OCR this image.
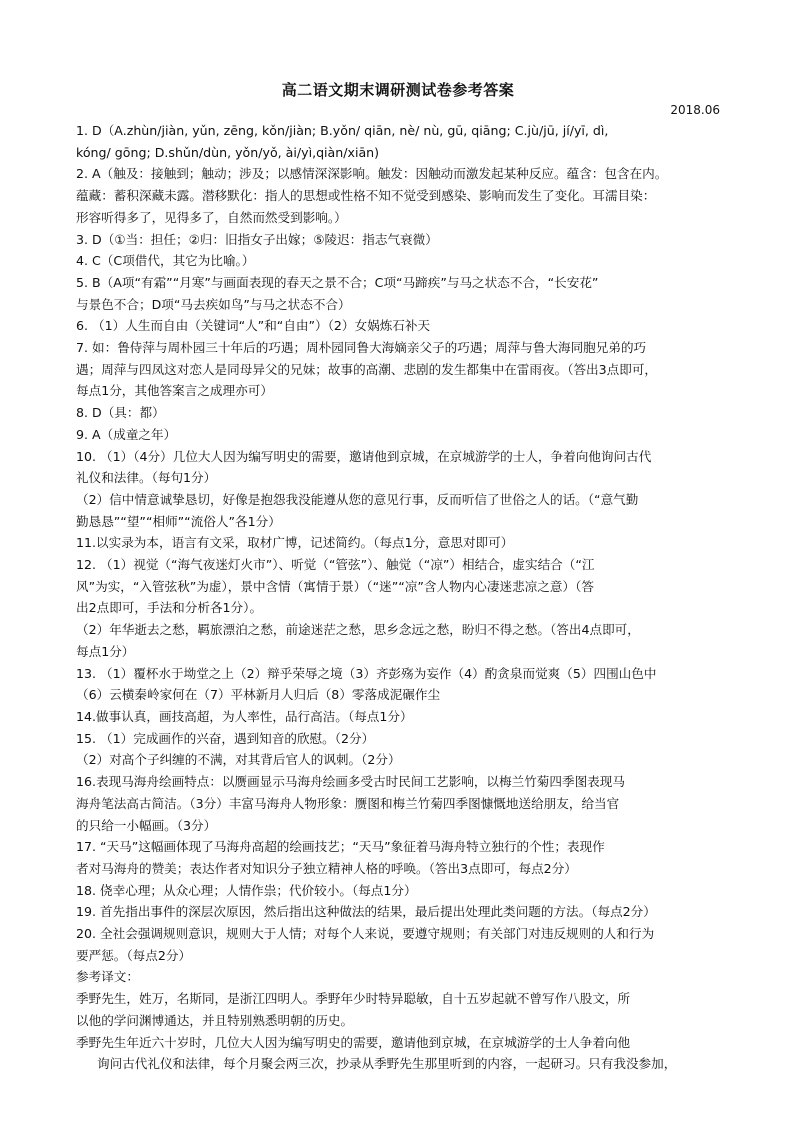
高二语文期末调研测试卷参考答案
2018.06
1. D（A.zhùn/jiàn, yǔn, zēng, kǒn/jiàn; B.yǒn/ qiān, nè/ nù, gū, qiāng; C.jù/jū, jí/yī, dì,
kóng/ gōng; D.shǔn/dùn, yǒn/yǒ, ài/yì,qiàn/xiān)
2. A（触及：接触到；触动；涉及；以感情深深影响。触发：因触动而激发起某种反应。蕴含：包含在内。
蕴藏：蓄积深藏未露。潜移默化：指人的思想或性格不知不觉受到感染、影响而发生了变化。耳濡目染：
形容听得多了，见得多了，自然而然受到影响。）
3. D（①当：担任；②归：旧指女子出嫁；⑤陵迟：指志气衰微）
4. C（C项借代，其它为比喻。）
5. B（A项“有霜”“月寒”与画面表现的春天之景不合；C项“马蹄疾”与马之状态不合，“长安花”
与景色不合；D项“马去疾如鸟”与马之状态不合）
6. （1）人生而自由（关键词“人”和“自由”）（2）女娲炼石补天
7. 如：鲁侍萍与周朴园三十年后的巧遇；周朴园同鲁大海嫡亲父子的巧遇；周萍与鲁大海同胞兄弟的巧
遇；周萍与四凤这对恋人是同母异父的兄妹；故事的高潮、悲剧的发生都集中在雷雨夜。（答出3点即可，
每点1分，其他答案言之成理亦可）
8. D（具：都）
9. A（成童之年）
10. （1）（4分）几位大人因为编写明史的需要，邀请他到京城，在京城游学的士人，争着向他询问古代
礼仪和法律。（每句1分）
（2）信中情意诚挚恳切，好像是抱怨我没能遵从您的意见行事，反而听信了世俗之人的话。（“意气勤
勤恳恳”“望”“相师”“流俗人”各1分）
11.以实录为本，语言有文采，取材广博，记述简约。（每点1分，意思对即可）
12. （1）视觉（“海气夜迷灯火市”）、听觉（“管弦”）、触觉（“凉”）相结合，虚实结合（“江
风”为实，“入管弦秋”为虚），景中含情（寓情于景）（“迷”“凉”含人物内心凄迷悲凉之意）（答
出2点即可，手法和分析各1分）。
（2）年华逝去之愁，羁旅漂泊之愁，前途迷茫之愁，思乡念远之愁，盼归不得之愁。（答出4点即可，
每点1分）
13. （1）覆杯水于坳堂之上（2）辩乎荣辱之境（3）齐彭殇为妄作（4）酌贪泉而觉爽（5）四围山色中
（6）云横秦岭家何在（7）平林新月人归后（8）零落成泥碾作尘
14.做事认真，画技高超，为人率性，品行高洁。（每点1分）
15. （1）完成画作的兴奋，遇到知音的欣慰。（2分）
（2）对高个子纠缠的不满，对其背后官人的讽刺。（2分）
16.表现马海舟绘画特点：以赝画显示马海舟绘画多受古时民间工艺影响，以梅兰竹菊四季图表现马
海舟笔法高古简洁。（3分）丰富马海舟人物形象：赝图和梅兰竹菊四季图慷慨地送给朋友，给当官
的只给一小幅画。（3分）
17. “天马”这幅画体现了马海舟高超的绘画技艺；“天马”象征着马海舟特立独行的个性；表现作
者对马海舟的赞美；表达作者对知识分子独立精神人格的呼唤。（答出3点即可，每点2分）
18. 侥幸心理；从众心理；人情作祟；代价较小。（每点1分）
19. 首先指出事件的深层次原因，然后指出这种做法的结果，最后提出处理此类问题的方法。（每点2分）
20. 全社会强调规则意识，规则大于人情；对每个人来说，要遵守规则；有关部门对违反规则的人和行为
要严惩。（每点2分）
参考译文：
季野先生，姓万，名斯同，是浙江四明人。季野年少时特异聪敏，自十五岁起就不曾写作八股文，所
以他的学问渊博通达，并且特别熟悉明朝的历史。
季野先生年近六十岁时，几位大人因为编写明史的需要，邀请他到京城，在京城游学的士人争着向他
询问古代礼仪和法律，每个月聚会两三次，抄录从季野先生那里听到的内容，一起研习。只有我没参加，
